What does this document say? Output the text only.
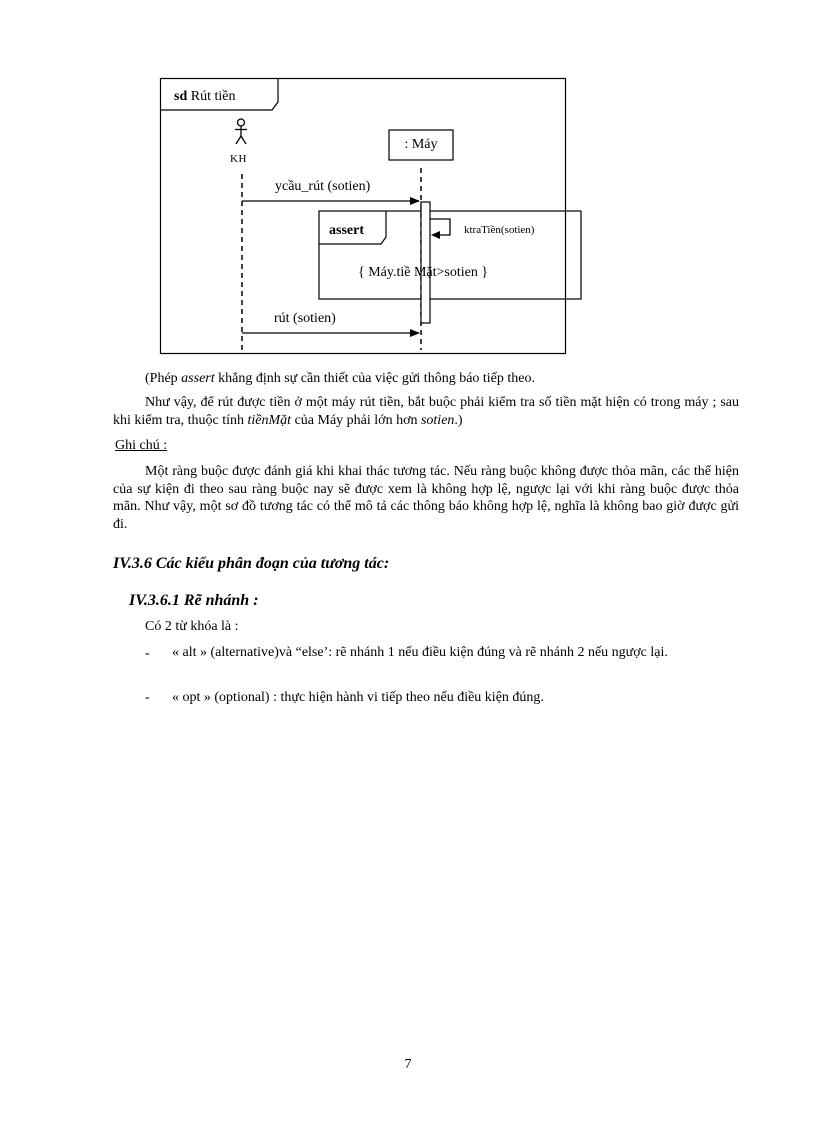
sd Rút tiền
KH
: Máy
ycầu_rút (sotien)
assert	ktraTiền(sotien)
{ Máy.tiề Mặt>sotien }
rút (sotien)
(Phép assert khẳng định sự cần thiết của việc gửi thông báo tiếp theo.
Như vậy, để rút được tiền ở một máy rút tiền, bắt buộc phải kiểm tra số tiền mặt hiện có trong máy ; sau khi kiểm tra, thuộc tính tiềnMặt của Máy phải lớn hơn sotien.)
Ghi chú :
Một ràng buộc được đánh giá khi khai thác tương tác. Nếu ràng buộc không được thỏa mãn, các thể hiện của sự kiện đi theo sau ràng buộc nay sẽ được xem là không hợp lệ, ngược lại với khi ràng buộc được thỏa mãn. Như vậy, một sơ đồ tương tác có thể mô tả các thông báo không hợp lệ, nghĩa là không bao giờ được gửi đi.
IV.3.6 Các kiểu phân đoạn của tương tác:
IV.3.6.1 Rẽ nhánh :
Có 2 từ khóa là :
- « alt » (alternative)và “else’: rẽ nhánh 1 nếu điều kiện đúng và rẽ nhánh 2 nếu ngược lại.
- « opt » (optional) : thực hiện hành vi tiếp theo nếu điều kiện đúng.
7
